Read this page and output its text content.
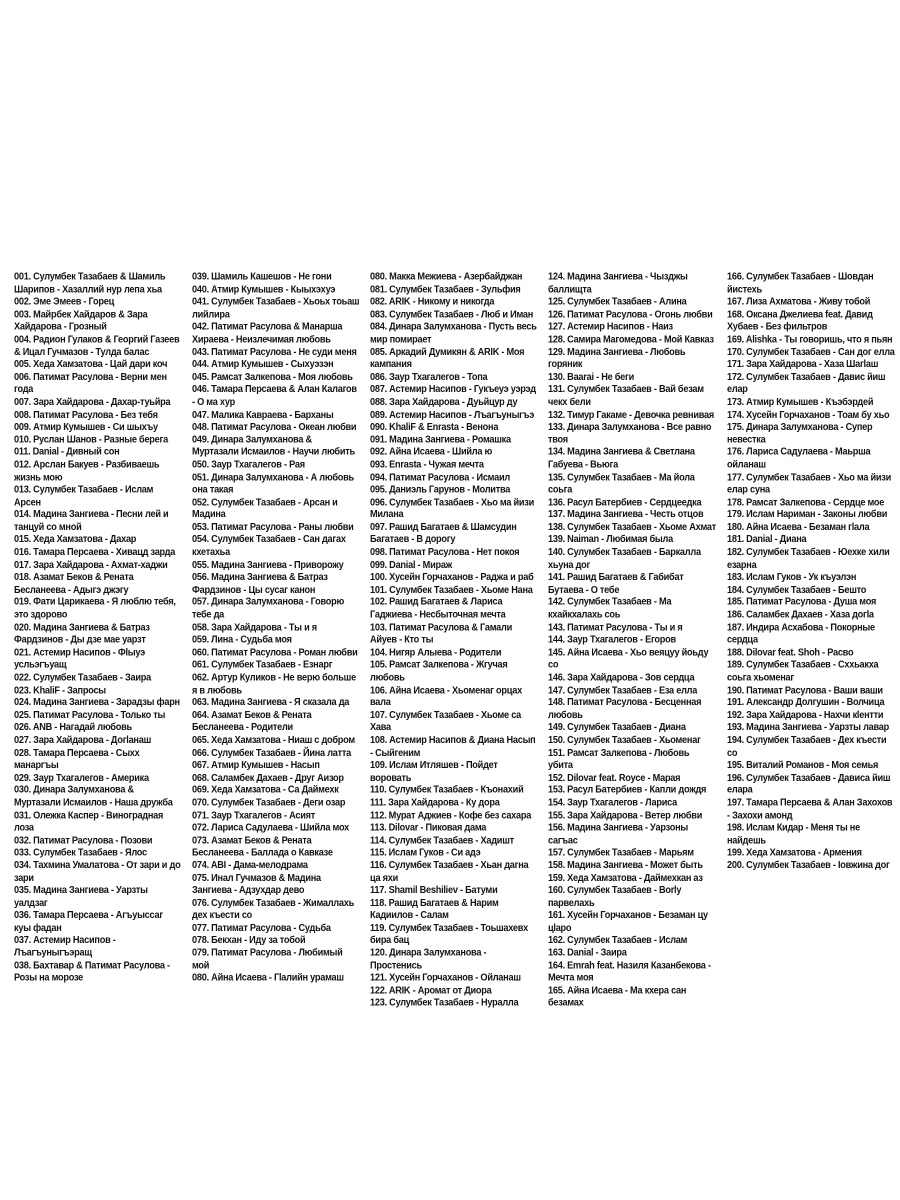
001. Сулумбек Тазабаев & Шамиль Шарипов - Хазаллий нур лепа хьа
002. Эме Эмеев - Горец
003. Майрбек Хайдаров & Зара Хайдарова - Грозный
004. Радион Гулаков & Георгий Газеев & Ицал Гучмазов - Тулда балас
005. Хеда Хамзатова - Цай дари коч
006. Патимат Расулова - Верни мен года
007. Зара Хайдарова - Дахар-туьйра
008. Патимат Расулова - Без тебя
009. Атмир Кумышев - Си шыхъу
010. Руслан Шанов - Разные берега
011. Danial - Дивный сон
012. Арслан Бакуев - Разбиваешь жизнь мою
013. Сулумбек Тазабаев - Ислам Арсен
014. Мадина Зангиева - Песни лей и танцуй со мной
015. Хеда Хамзатова - Дахар
016. Тамара Персаева - Хивацд зарда
017. Зара Хайдарова - Ахмат-хаджи
018. Азамат Беков & Рената Бесланеева - Адыгэ джэгу
019. Фати Царикаева - Я люблю тебя, это здорово
020. Мадина Зангиева & Батраз Фардзинов - Ды дзе мае уарзт
021. Астемир Насипов - Фlыуэ усльэгъуащ
022. Сулумбек Тазабаев - Заира
023. KhaliF - Запросы
024. Мадина Зангиева - Зарадзы фарн
025. Патимат Расулова - Только ты
026. ANB - Нагадай любовь
027. Зара Хайдарова - Догlанаш
028. Тамара Персаева - Сыхх манаргъы
029. Заур Тхагалегов - Америка
030. Динара Залумханова & Муртазали Исмаилов - Наша дружба
031. Олежка Каспер - Виноградная лоза
032. Патимат Расулова - Позови
033. Сулумбек Тазабаев - Ялос
034. Тахмина Умалатова - От зари и до зари
035. Мадина Зангиева - Уарзты уалдзаг
036. Тамара Персаева - Агъуыссаг куы фадан
037. Астемир Насипов - Лъагъуныгъэращ
038. Бахтавар & Патимат Расулова - Розы на морозе
039. Шамиль Кашешов - Не гони
040. Атмир Кумышев - Кыыхэхуэ
041. Сулумбек Тазабаев - Хьоьх тоьаш лийлира
042. Патимат Расулова & Манарша Хираева - Неизлечимая любовь
043. Патимат Расулова - Не суди меня
044. Атмир Кумышев - Сыхуэзэн
045. Рамсат Залкепова - Моя любовь
046. Тамара Персаева & Алан Калагов - О ма хур
047. Малика Кавраева - Барханы
048. Патимат Расулова - Океан любви
049. Динара Залумханова & Муртазали Исмаилов - Научи любить
050. Заур Тхагалегов - Рая
051. Динара Залумханова - А любовь она такая
052. Сулумбек Тазабаев - Арсан и Мадина
053. Патимат Расулова - Раны любви
054. Сулумбек Тазабаев - Сан дагах кхетахьа
055. Мадина Зангиева - Приворожу
056. Мадина Зангиева & Батраз Фардзинов - Цы сусаг канон
057. Динара Залумханова - Говорю тебе да
058. Зара Хайдарова - Ты и я
059. Лина - Судьба моя
060. Патимат Расулова - Роман любви
061. Сулумбек Тазабаев - Езнарг
062. Артур Куликов - Не верю больше я в любовь
063. Мадина Зангиева - Я сказала да
064. Азамат Беков & Рената Бесланеева - Родители
065. Хеда Хамзатова - Ниаш с добром
066. Сулумбек Тазабаев - Йина латта
067. Атмир Кумышев - Насып
068. Саламбек Дахаев - Друг Аизор
069. Хеда Хамзатова - Са Даймехк
070. Сулумбек Тазабаев - Деги озар
071. Заур Тхагалегов - Асият
072. Лариса Садулаева - Шийла мох
073. Азамат Беков & Рената Бесланеева - Баллада о Кавказе
074. ABI - Дама-мелодрама
075. Инал Гучмазов & Мадина Зангиева - Адзухдар дево
076. Сулумбек Тазабаев - Жималлахь дех къести со
077. Патимат Расулова - Судьба
078. Бекхан - Иду за тобой
079. Патимат Расулова - Любимый мой
080. Айна Исаева - Гlалийн урамаш
080. Макка Межиева - Азербайджан
081. Сулумбек Тазабаев - Зульфия
082. ARIK - Никому и никогда
083. Сулумбек Тазабаев - Люб и Иман
084. Динара Залумханова - Пусть весь мир помирает
085. Аркадий Думикян & ARIK - Моя кампания
086. Заур Тхагалегов - Топа
087. Астемир Насипов - Гукъеуэ уэрэд
088. Зара Хайдарова - Дуьйцур ду
089. Астемир Насипов - Лъагъуныгъэ
090. KhaliF & Enrasta - Венона
091. Мадина Зангиева - Ромашка
092. Айна Исаева - Шийла ю
093. Enrasta - Чужая мечта
094. Патимат Расулова - Исмаил
095. Даниэль Гарунов - Молитва
096. Сулумбек Тазабаев - Хьо ма йизи Милана
097. Рашид Багатаев & Шамсудин Багатаев - В дорогу
098. Патимат Расулова - Нет покоя
099. Danial - Мираж
100. Хусейн Горчаханов - Раджа и раб
101. Сулумбек Тазабаев - Хьоме Нана
102. Рашид Багатаев & Лариса Гаджиева - Несбыточная мечта
103. Патимат Расулова & Гамали Айуев - Кто ты
104. Нигяр Алыева - Родители
105. Рамсат Залкепова - Жгучая любовь
106. Айна Исаева - Хьоменаг орцах вала
107. Сулумбек Тазабаев - Хьоме са Хава
108. Астемир Насипов & Диана Насып - Сыйгеним
109. Ислам Итляшев - Пойдет воровать
110. Сулумбек Тазабаев - Къонахий
111. Зара Хайдарова - Ку дора
112. Мурат Аджиев - Кофе без сахара
113. Dilovar - Пиковая дама
114. Сулумбек Тазабаев - Хадишт
115. Ислам Гуков - Си адэ
116. Сулумбек Тазабаев - Хьан дагна ца яхи
117. Shamil Beshiliev - Батуми
118. Рашид Багатаев & Нарим Кадиилов - Салам
119. Сулумбек Тазабаев - Тоьшахевх бира бац
120. Динара Залумханова - Простенись
121. Хусейн Горчаханов - Ойланаш
122. ARIK - Аромат от Диора
123. Сулумбек Тазабаев - Нуралла
124. Мадина Зангиева - Чызджы баллищта
125. Сулумбек Тазабаев - Алина
126. Патимат Расулова - Огонь любви
127. Астемир Насипов - Наиз
128. Самира Магомедова - Мой Кавказ
129. Мадина Зангиева - Любовь горяник
130. Baarai - Не беги
131. Сулумбек Тазабаев - Вай безам чекх бели
132. Тимур Гакаме - Девочка ревнивая
133. Динара Залумханова - Все равно твоя
134. Мадина Зангиева & Светлана Габуева - Вьюга
135. Сулумбек Тазабаев - Ма йола соьга
136. Расул Батербиев - Сердцеедка
137. Мадина Зангиева - Честь отцов
138. Сулумбек Тазабаев - Хьоме Ахмат
139. Naiman - Любимая была
140. Сулумбек Тазабаев - Баркалла хьуна дог
141. Рашид Багатаев & Габибат Бутаева - О тебе
142. Сулумбек Тазабаев - Ма кхайкхалахь соь
143. Патимат Расулова - Ты и я
144. Заур Тхагалегов - Егоров
145. Айна Исаева - Хьо веяцуу йоьду со
146. Зара Хайдарова - Зов сердца
147. Сулумбек Тазабаев - Еза елла
148. Патимат Расулова - Бесценная любовь
149. Сулумбек Тазабаев - Диана
150. Сулумбек Тазабаев - Хьоменаг
151. Рамсат Залкепова - Любовь убита
152. Dilovar feat. Royce - Марая
153. Расул Батербиев - Капли дождя
154. Заур Тхагалегов - Лариса
155. Зара Хайдарова - Ветер любви
156. Мадина Зангиева - Уарзоны сагъас
157. Сулумбек Тазабаев - Марьям
158. Мадина Зангиева - Может быть
159. Хеда Хамзатова - Даймехкан аз
160. Сулумбек Тазабаев - Воrlу парвелахь
161. Хусейн Горчаханов - Безаман цу цlаро
162. Сулумбек Тазабаев - Ислам
163. Danial - Заира
164. Emrah feat. Назиля Казанбекова - Мечта моя
165. Айна Исаева - Ма кхера сан безамах
166. Сулумбек Тазабаев - Шовдан йистехь
167. Лиза Ахматова - Живу тобой
168. Оксана Джелиева feat. Давид Хубаев - Без фильтров
169. Alishka - Ты говоришь, что я пьян
170. Сулумбек Тазабаев - Сан дог елла
171. Зара Хайдарова - Хаза Шагlаш
172. Сулумбек Тазабаев - Давис йиш елар
173. Атмир Кумышев - Къэбэрдей
174. Хусейн Горчаханов - Тоам бу хьо
175. Динара Залумханова - Супер невестка
176. Лариса Садулаева - Маьрша ойланаш
177. Сулумбек Тазабаев - Хьо ма йизи елар суна
178. Рамсат Залкепова - Сердце мое
179. Ислам Нариман - Законы любви
180. Айна Исаева - Безаман гlала
181. Danial - Диана
182. Сулумбек Тазабаев - Юехке хили езарна
183. Ислам Гуков - Ук къуэлэн
184. Сулумбек Тазабаев - Бешто
185. Патимат Расулова - Душа моя
186. Саламбек Дахаев - Хаза догlа
187. Индира Асхабова - Покорные сердца
188. Dilovar feat. Shoh - Расво
189. Сулумбек Тазабаев - Сххьакха соьга хьоменаг
190. Патимат Расулова - Ваши ваши
191. Александр Долгушин - Волчица
192. Зара Хайдарова - Нахчи кlентти
193. Мадина Зангиева - Уарзты лавар
194. Сулумбек Тазабаев - Дех къести со
195. Виталий Романов - Моя семья
196. Сулумбек Тазабаев - Дависа йиш елара
197. Тамара Персаева & Алан Захохов - Захохи амонд
198. Ислам Кидар - Меня ты не найдешь
199. Хеда Хамзатова - Армения
200. Сулумбек Тазабаев - Iовжина дог
